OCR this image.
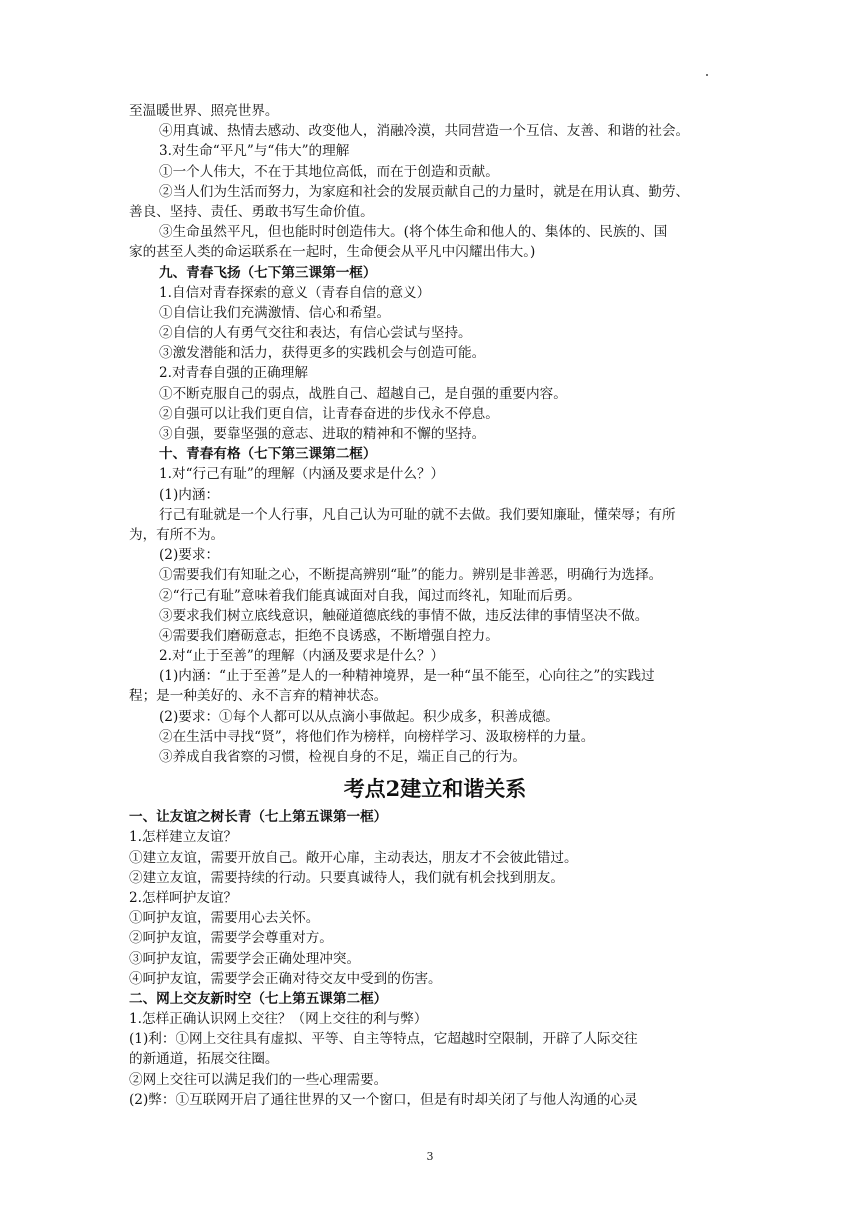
至温暖世界、照亮世界。
④用真诚、热情去感动、改变他人，消融冷漠，共同营造一个互信、友善、和谐的社会。
3.对生命“平凡”与“伟大”的理解
①一个人伟大，不在于其地位高低，而在于创造和贡献。
②当人们为生活而努力，为家庭和社会的发展贡献自己的力量时，就是在用认真、勤劳、
善良、坚持、责任、勇敢书写生命价值。
③生命虽然平凡，但也能时时创造伟大。(将个体生命和他人的、集体的、民族的、国
家的甚至人类的命运联系在一起时，生命便会从平凡中闪耀出伟大。)
九、青春飞扬（七下第三课第一框）
1.自信对青春探索的意义（青春自信的意义）
①自信让我们充满激情、信心和希望。
②自信的人有勇气交往和表达，有信心尝试与坚持。
③激发潜能和活力，获得更多的实践机会与创造可能。
2.对青春自强的正确理解
①不断克服自己的弱点，战胜自己、超越自己，是自强的重要内容。
②自强可以让我们更自信，让青春奋进的步伐永不停息。
③自强，要靠坚强的意志、进取的精神和不懈的坚持。
十、青春有格（七下第三课第二框）
1.对“行己有耻”的理解（内涵及要求是什么？）
(1)内涵：
行己有耻就是一个人行事，凡自己认为可耻的就不去做。我们要知廉耻，懂荣辱；有所
为，有所不为。
(2)要求：
①需要我们有知耻之心，不断提高辨别“耻”的能力。辨别是非善恶，明确行为选择。
②“行己有耻”意味着我们能真诚面对自我，闻过而终礼，知耻而后勇。
③要求我们树立底线意识，触碰道德底线的事情不做，违反法律的事情坚决不做。
④需要我们磨砺意志，拒绝不良诱惑，不断增强自控力。
2.对“止于至善”的理解（内涵及要求是什么？）
(1)内涵：“止于至善”是人的一种精神境界，是一种“虽不能至，心向往之”的实践过
程；是一种美好的、永不言弃的精神状态。
(2)要求：①每个人都可以从点滴小事做起。积少成多，积善成德。
②在生活中寻找“贤”，将他们作为榜样，向榜样学习、汲取榜样的力量。
③养成自我省察的习惯，检视自身的不足，端正自己的行为。
考点2建立和谐关系
一、让友谊之树长青（七上第五课第一框）
1.怎样建立友谊？
①建立友谊，需要开放自己。敞开心扉，主动表达，朋友才不会彼此错过。
②建立友谊，需要持续的行动。只要真诚待人，我们就有机会找到朋友。
2.怎样呵护友谊？
①呵护友谊，需要用心去关怀。
②呵护友谊，需要学会尊重对方。
③呵护友谊，需要学会正确处理冲突。
④呵护友谊，需要学会正确对待交友中受到的伤害。
二、网上交友新时空（七上第五课第二框）
1.怎样正确认识网上交往？（网上交往的利与弊）
(1)利：①网上交往具有虚拟、平等、自主等特点，它超越时空限制，开辟了人际交往
的新通道，拓展交往圈。
②网上交往可以满足我们的一些心理需要。
(2)弊：①互联网开启了通往世界的又一个窗口，但是有时却关闭了与他人沟通的心灵
3
